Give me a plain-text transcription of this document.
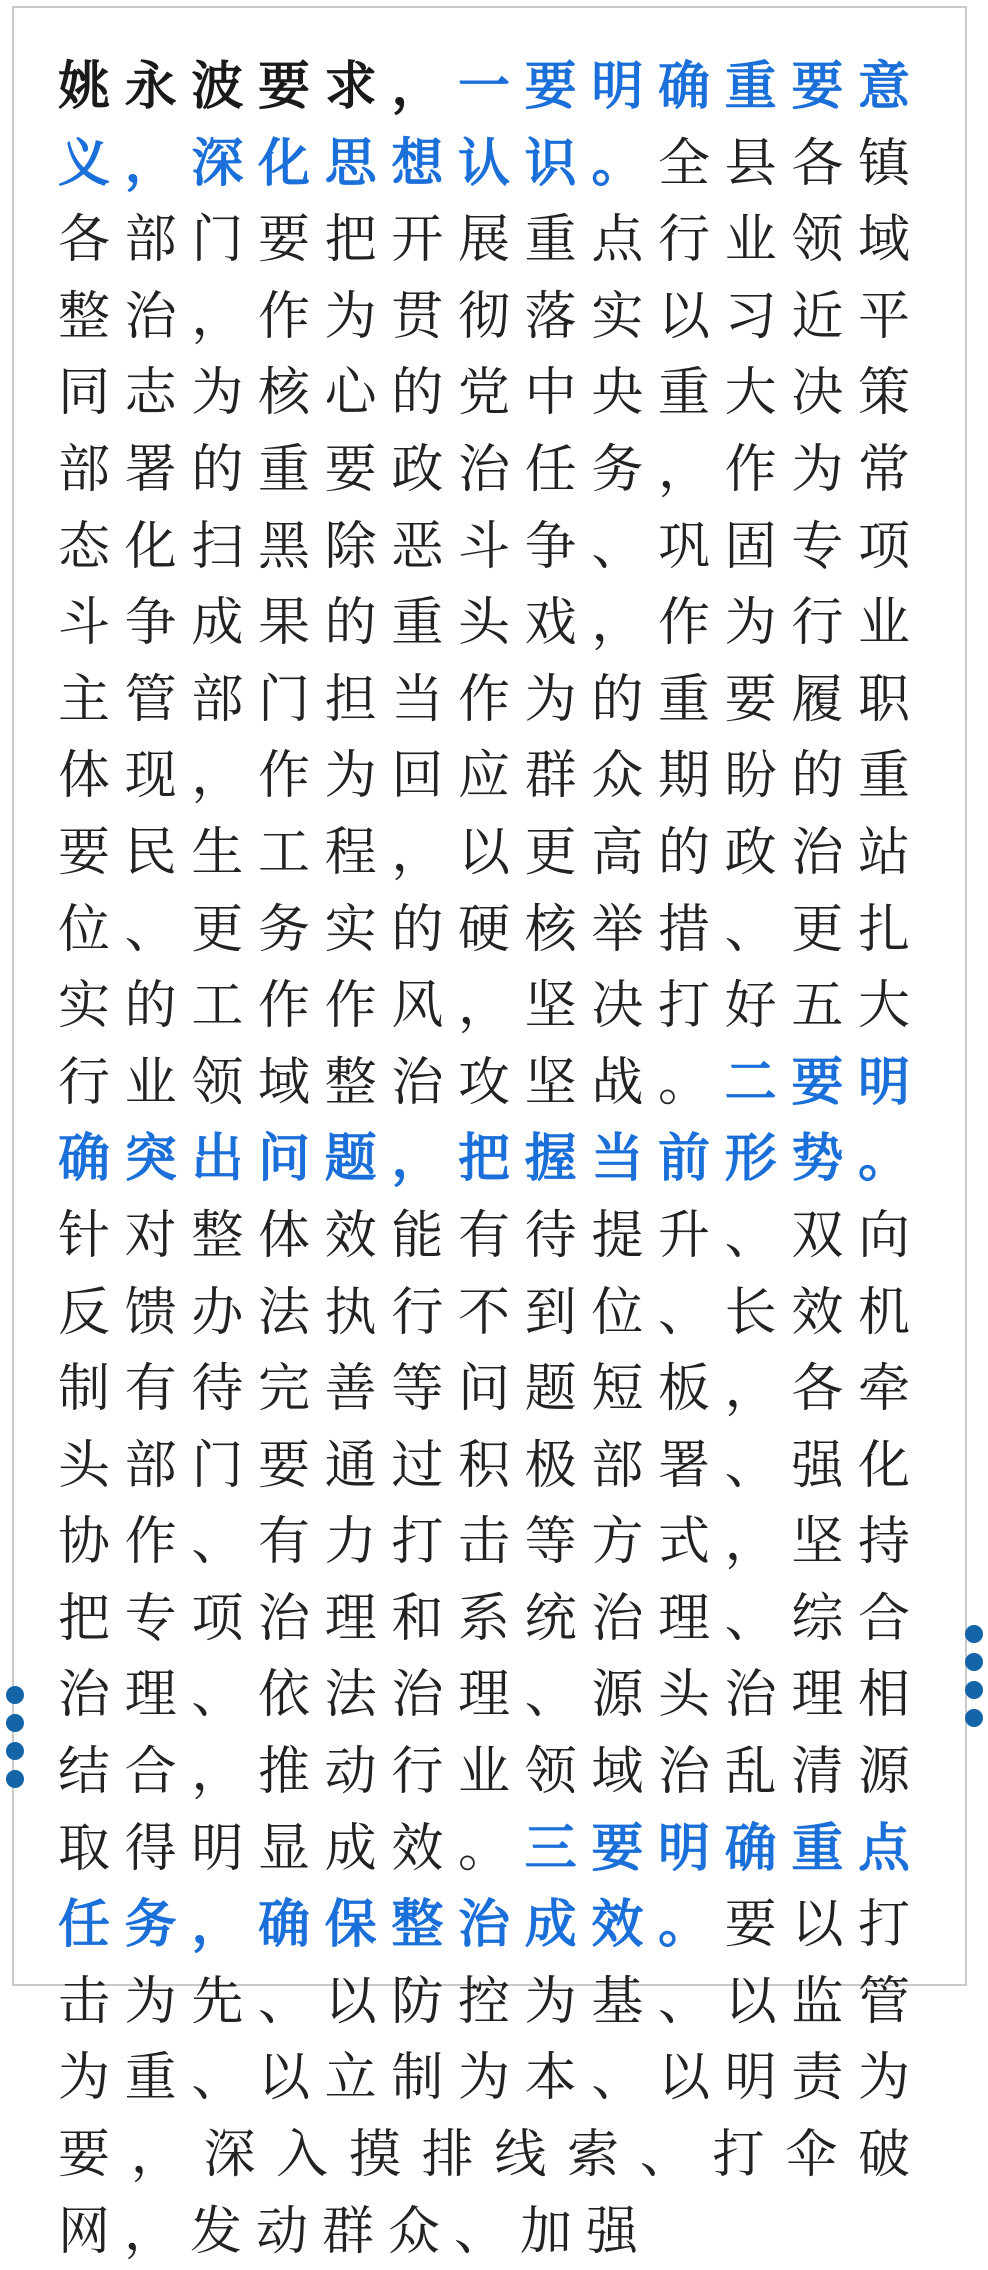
姚永波要求，一要明确重要意义，深化思想认识。全县各镇各部门要把开展重点行业领域整治，作为贯彻落实以习近平同志为核心的党中央重大决策部署的重要政治任务，作为常态化扫黑除恶斗争、巩固专项斗争成果的重头戏，作为行业主管部门担当作为的重要履职体现，作为回应群众期盼的重要民生工程，以更高的政治站位、更务实的硬核举措、更扎实的工作作风，坚决打好五大行业领域整治攻坚战。二要明确突出问题，把握当前形势。针对整体效能有待提升、双向反馈办法执行不到位、长效机制有待完善等问题短板，各牵头部门要通过积极部署、强化协作、有力打击等方式，坚持把专项治理和系统治理、综合治理、依法治理、源头治理相结合，推动行业领域治乱清源取得明显成效。三要明确重点任务，确保整治成效。要以打击为先、以防控为基、以监管为重、以立制为本、以明责为要，深入摸排线索、打伞破网，发动群众、加强
